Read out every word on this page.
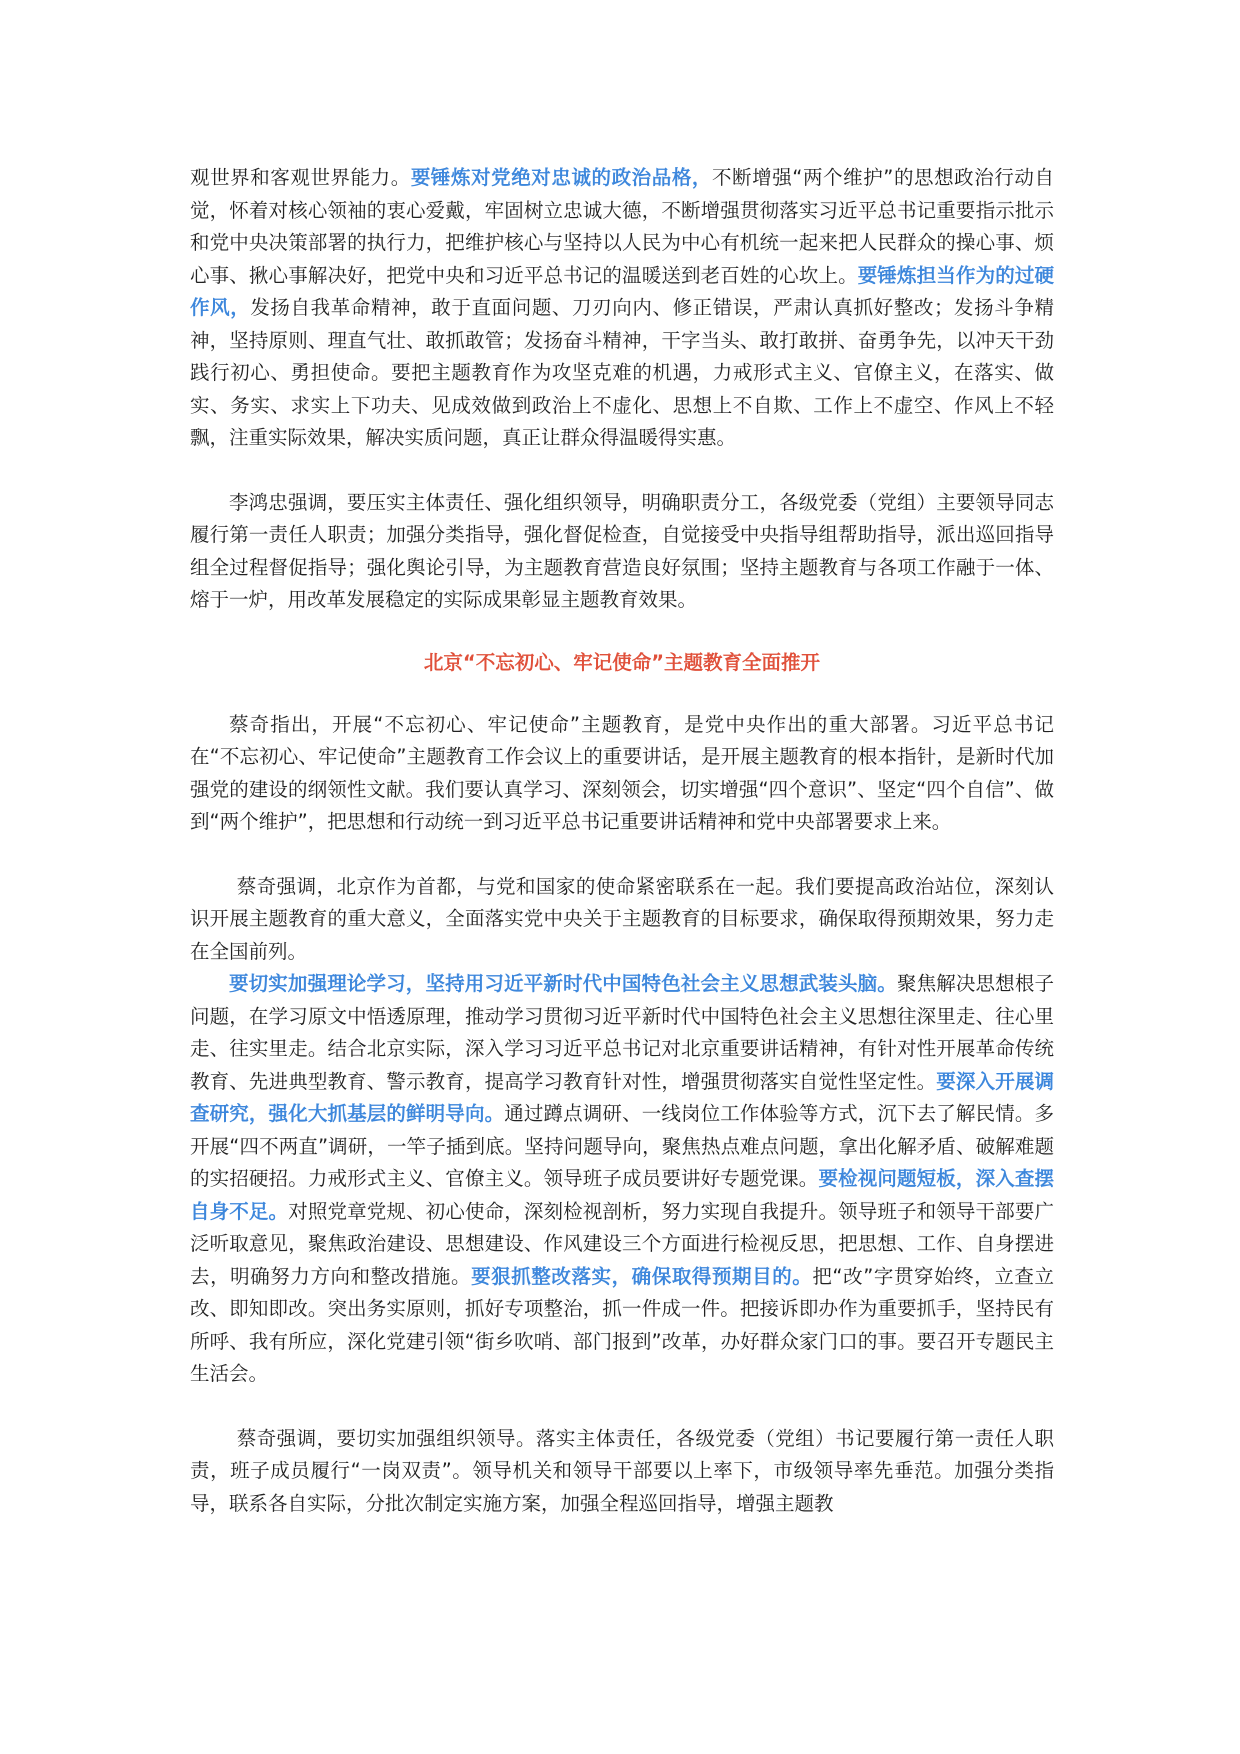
观世界和客观世界能力。要锤炼对党绝对忠诚的政治品格，不断增强“两个维护”的思想政治行动自觉，怀着对核心领袖的衷心爱戴，牢固树立忠诚大德，不断增强贯彻落实习近平总书记重要指示批示和党中央决策部署的执行力，把维护核心与坚持以人民为中心有机统一起来把人民群众的操心事、烦心事、揪心事解决好，把党中央和习近平总书记的温暖送到老百姓的心坎上。要锤炼担当作为的过硬作风，发扬自我革命精神，敢于直面问题、刀刃向内、修正错误，严肃认真抓好整改；发扬斗争精神，坚持原则、理直气壮、敢抓敢管；发扬奋斗精神，干字当头、敢打敢拼、奋勇争先，以冲天干劲践行初心、勇担使命。要把主题教育作为攻坚克难的机遇，力戒形式主义、官僚主义，在落实、做实、务实、求实上下功夫、见成效做到政治上不虚化、思想上不自欺、工作上不虚空、作风上不轻飘，注重实际效果，解决实质问题，真正让群众得温暖得实惠。

李鸿忠强调，要压实主体责任、强化组织领导，明确职责分工，各级党委（党组）主要领导同志履行第一责任人职责；加强分类指导，强化督促检查，自觉接受中央指导组帮助指导，派出巡回指导组全过程督促指导；强化舆论引导，为主题教育营造良好氛围；坚持主题教育与各项工作融于一体、熔于一炉，用改革发展稳定的实际成果彰显主题教育效果。

北京“不忘初心、牢记使命”主题教育全面推开

蔡奇指出，开展“不忘初心、牢记使命”主题教育，是党中央作出的重大部署。习近平总书记在“不忘初心、牢记使命”主题教育工作会议上的重要讲话，是开展主题教育的根本指针，是新时代加强党的建设的纲领性文献。我们要认真学习、深刻领会，切实增强“四个意识”、坚定“四个自信”、做到“两个维护”，把思想和行动统一到习近平总书记重要讲话精神和党中央部署要求上来。

蔡奇强调，北京作为首都，与党和国家的使命紧密联系在一起。我们要提高政治站位，深刻认识开展主题教育的重大意义，全面落实党中央关于主题教育的目标要求，确保取得预期效果，努力走在全国前列。

要切实加强理论学习，坚持用习近平新时代中国特色社会主义思想武装头脑。聚焦解决思想根子问题，在学习原文中悟透原理，推动学习贯彻习近平新时代中国特色社会主义思想往深里走、往心里走、往实里走。结合北京实际，深入学习习近平总书记对北京重要讲话精神，有针对性开展革命传统教育、先进典型教育、警示教育，提高学习教育针对性，增强贯彻落实自觉性坚定性。要深入开展调查研究，强化大抓基层的鲜明导向。通过蹲点调研、一线岗位工作体验等方式，沉下去了解民情。多开展“四不两直”调研，一竿子插到底。坚持问题导向，聚焦热点难点问题，拿出化解矛盾、破解难题的实招硬招。力戒形式主义、官僚主义。领导班子成员要讲好专题党课。要检视问题短板，深入查摆自身不足。对照党章党规、初心使命，深刻检视剖析，努力实现自我提升。领导班子和领导干部要广泛听取意见，聚焦政治建设、思想建设、作风建设三个方面进行检视反思，把思想、工作、自身摆进去，明确努力方向和整改措施。要狠抓整改落实，确保取得预期目的。把“改”字贯穿始终，立查立改、即知即改。突出务实原则，抓好专项整治，抓一件成一件。把接诉即办作为重要抓手，坚持民有所呼、我有所应，深化党建引领“街乡吹哨、部门报到”改革，办好群众家门口的事。要召开专题民主生活会。

蔡奇强调，要切实加强组织领导。落实主体责任，各级党委（党组）书记要履行第一责任人职责，班子成员履行“一岗双责”。领导机关和领导干部要以上率下，市级领导率先垂范。加强分类指导，联系各自实际，分批次制定实施方案，加强全程巡回指导，增强主题教
